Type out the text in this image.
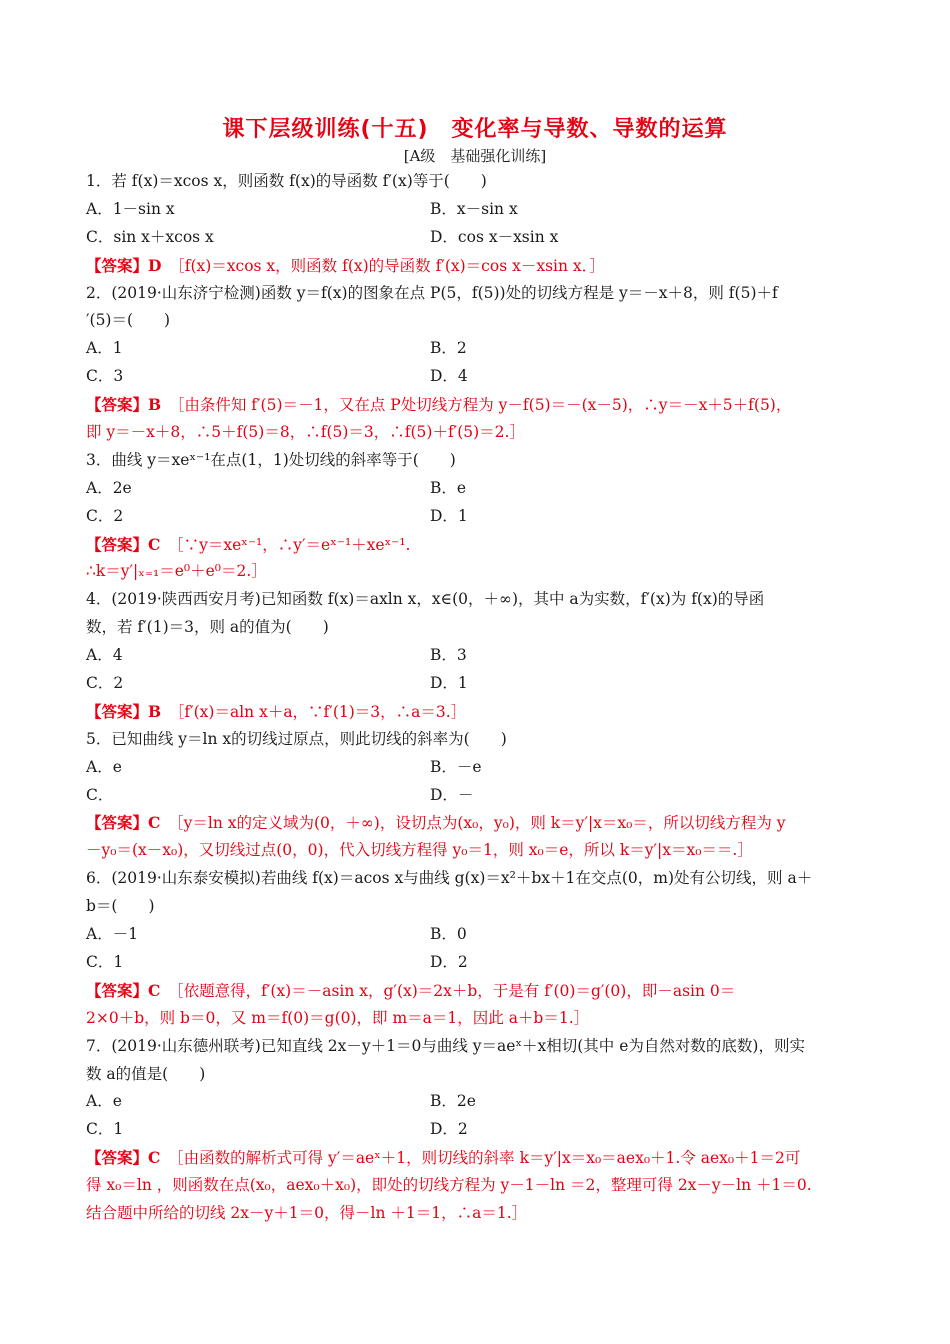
课下层级训练(十五)　变化率与导数、导数的运算
[A级　基础强化训练]
1．若 f(x)＝xcos x，则函数 f(x)的导函数 f′(x)等于(　　)
A．1－sin x	B．x－sin x
C．sin x＋xcos x	D．cos x－xsin x
【答案】D　 ［f(x)＝xcos x，则函数 f(x)的导函数 f′(x)＝cos x－xsin x．］
2．(2019·山东济宁检测)函数 y＝f(x)的图象在点 P(5，f(5))处的切线方程是 y＝－x＋8，则 f(5)＋f
′(5)＝(　　)
A．1	B．2
C．3	D．4
【答案】B　 ［由条件知 f′(5)＝－1，又在点 P处切线方程为 y－f(5)＝－(x－5)，∴y＝－x＋5＋f(5)，
即 y＝－x＋8，∴5＋f(5)＝8，∴f(5)＝3，∴f(5)＋f′(5)＝2.］
3．曲线 y＝xeˣ⁻¹在点(1，1)处切线的斜率等于(　　)
A．2e	B．e
C．2	D．1
【答案】C　 ［∵y＝xeˣ⁻¹，∴y′＝eˣ⁻¹＋xeˣ⁻¹.
∴k＝y′|ₓ₌₁＝e⁰＋e⁰＝2.］
4．(2019·陕西西安月考)已知函数 f(x)＝axln x，x∈(0，＋∞)，其中 a为实数，f′(x)为 f(x)的导函
数，若 f′(1)＝3，则 a的值为(　　)
A．4	B．3
C．2	D．1
【答案】B　 ［f′(x)＝aln x＋a，∵f′(1)＝3，∴a＝3.］
5．已知曲线 y＝ln x的切线过原点，则此切线的斜率为(　　)
A．e	B．－e
C．	D．－
【答案】C　 ［y＝ln x的定义域为(0，＋∞)，设切点为(x₀，y₀)，则 k＝y′|x＝x₀＝，所以切线方程为 y
－y₀＝(x－x₀)，又切线过点(0，0)，代入切线方程得 y₀＝1，则 x₀＝e，所以 k＝y′|x＝x₀＝＝.］
6．(2019·山东泰安模拟)若曲线 f(x)＝acos x与曲线 g(x)＝x²＋bx＋1在交点(0，m)处有公切线，则 a＋
b＝(　　)
A．－1	B．0
C．1	D．2
【答案】C　 ［依题意得，f′(x)＝－asin x，g′(x)＝2x＋b，于是有 f′(0)＝g′(0)，即－asin 0＝
2×0＋b，则 b＝0，又 m＝f(0)＝g(0)，即 m＝a＝1，因此 a＋b＝1.］
7．(2019·山东德州联考)已知直线 2x－y＋1＝0与曲线 y＝aeˣ＋x相切(其中 e为自然对数的底数)，则实
数 a的值是(　　)
A．e	B．2e
C．1	D．2
【答案】C　 ［由函数的解析式可得 y′＝aeˣ＋1，则切线的斜率 k＝y′|x＝x₀＝aex₀＋1.令 aex₀＋1＝2可
得 x₀＝ln ，则函数在点(x₀，aex₀＋x₀)，即处的切线方程为 y－1－ln ＝2，整理可得 2x－y－ln ＋1＝0.
结合题中所给的切线 2x－y＋1＝0，得－ln ＋1＝1，∴a＝1.］
